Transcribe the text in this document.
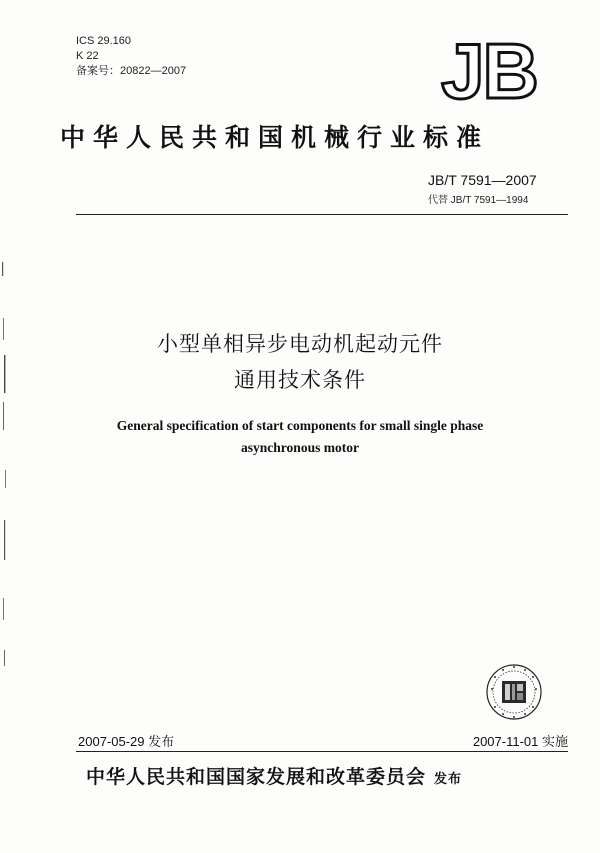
ICS 29.160
K 22
备案号：20822—2007	JB
中华人民共和国机械行业标准
JB/T 7591—2007
代替 JB/T 7591—1994
小型单相异步电动机起动元件
通用技术条件
General specification of start components for small single phase
asynchronous motor
2007-05-29 发布	2007-11-01 实施
中华人民共和国国家发展和改革委员会 发布
